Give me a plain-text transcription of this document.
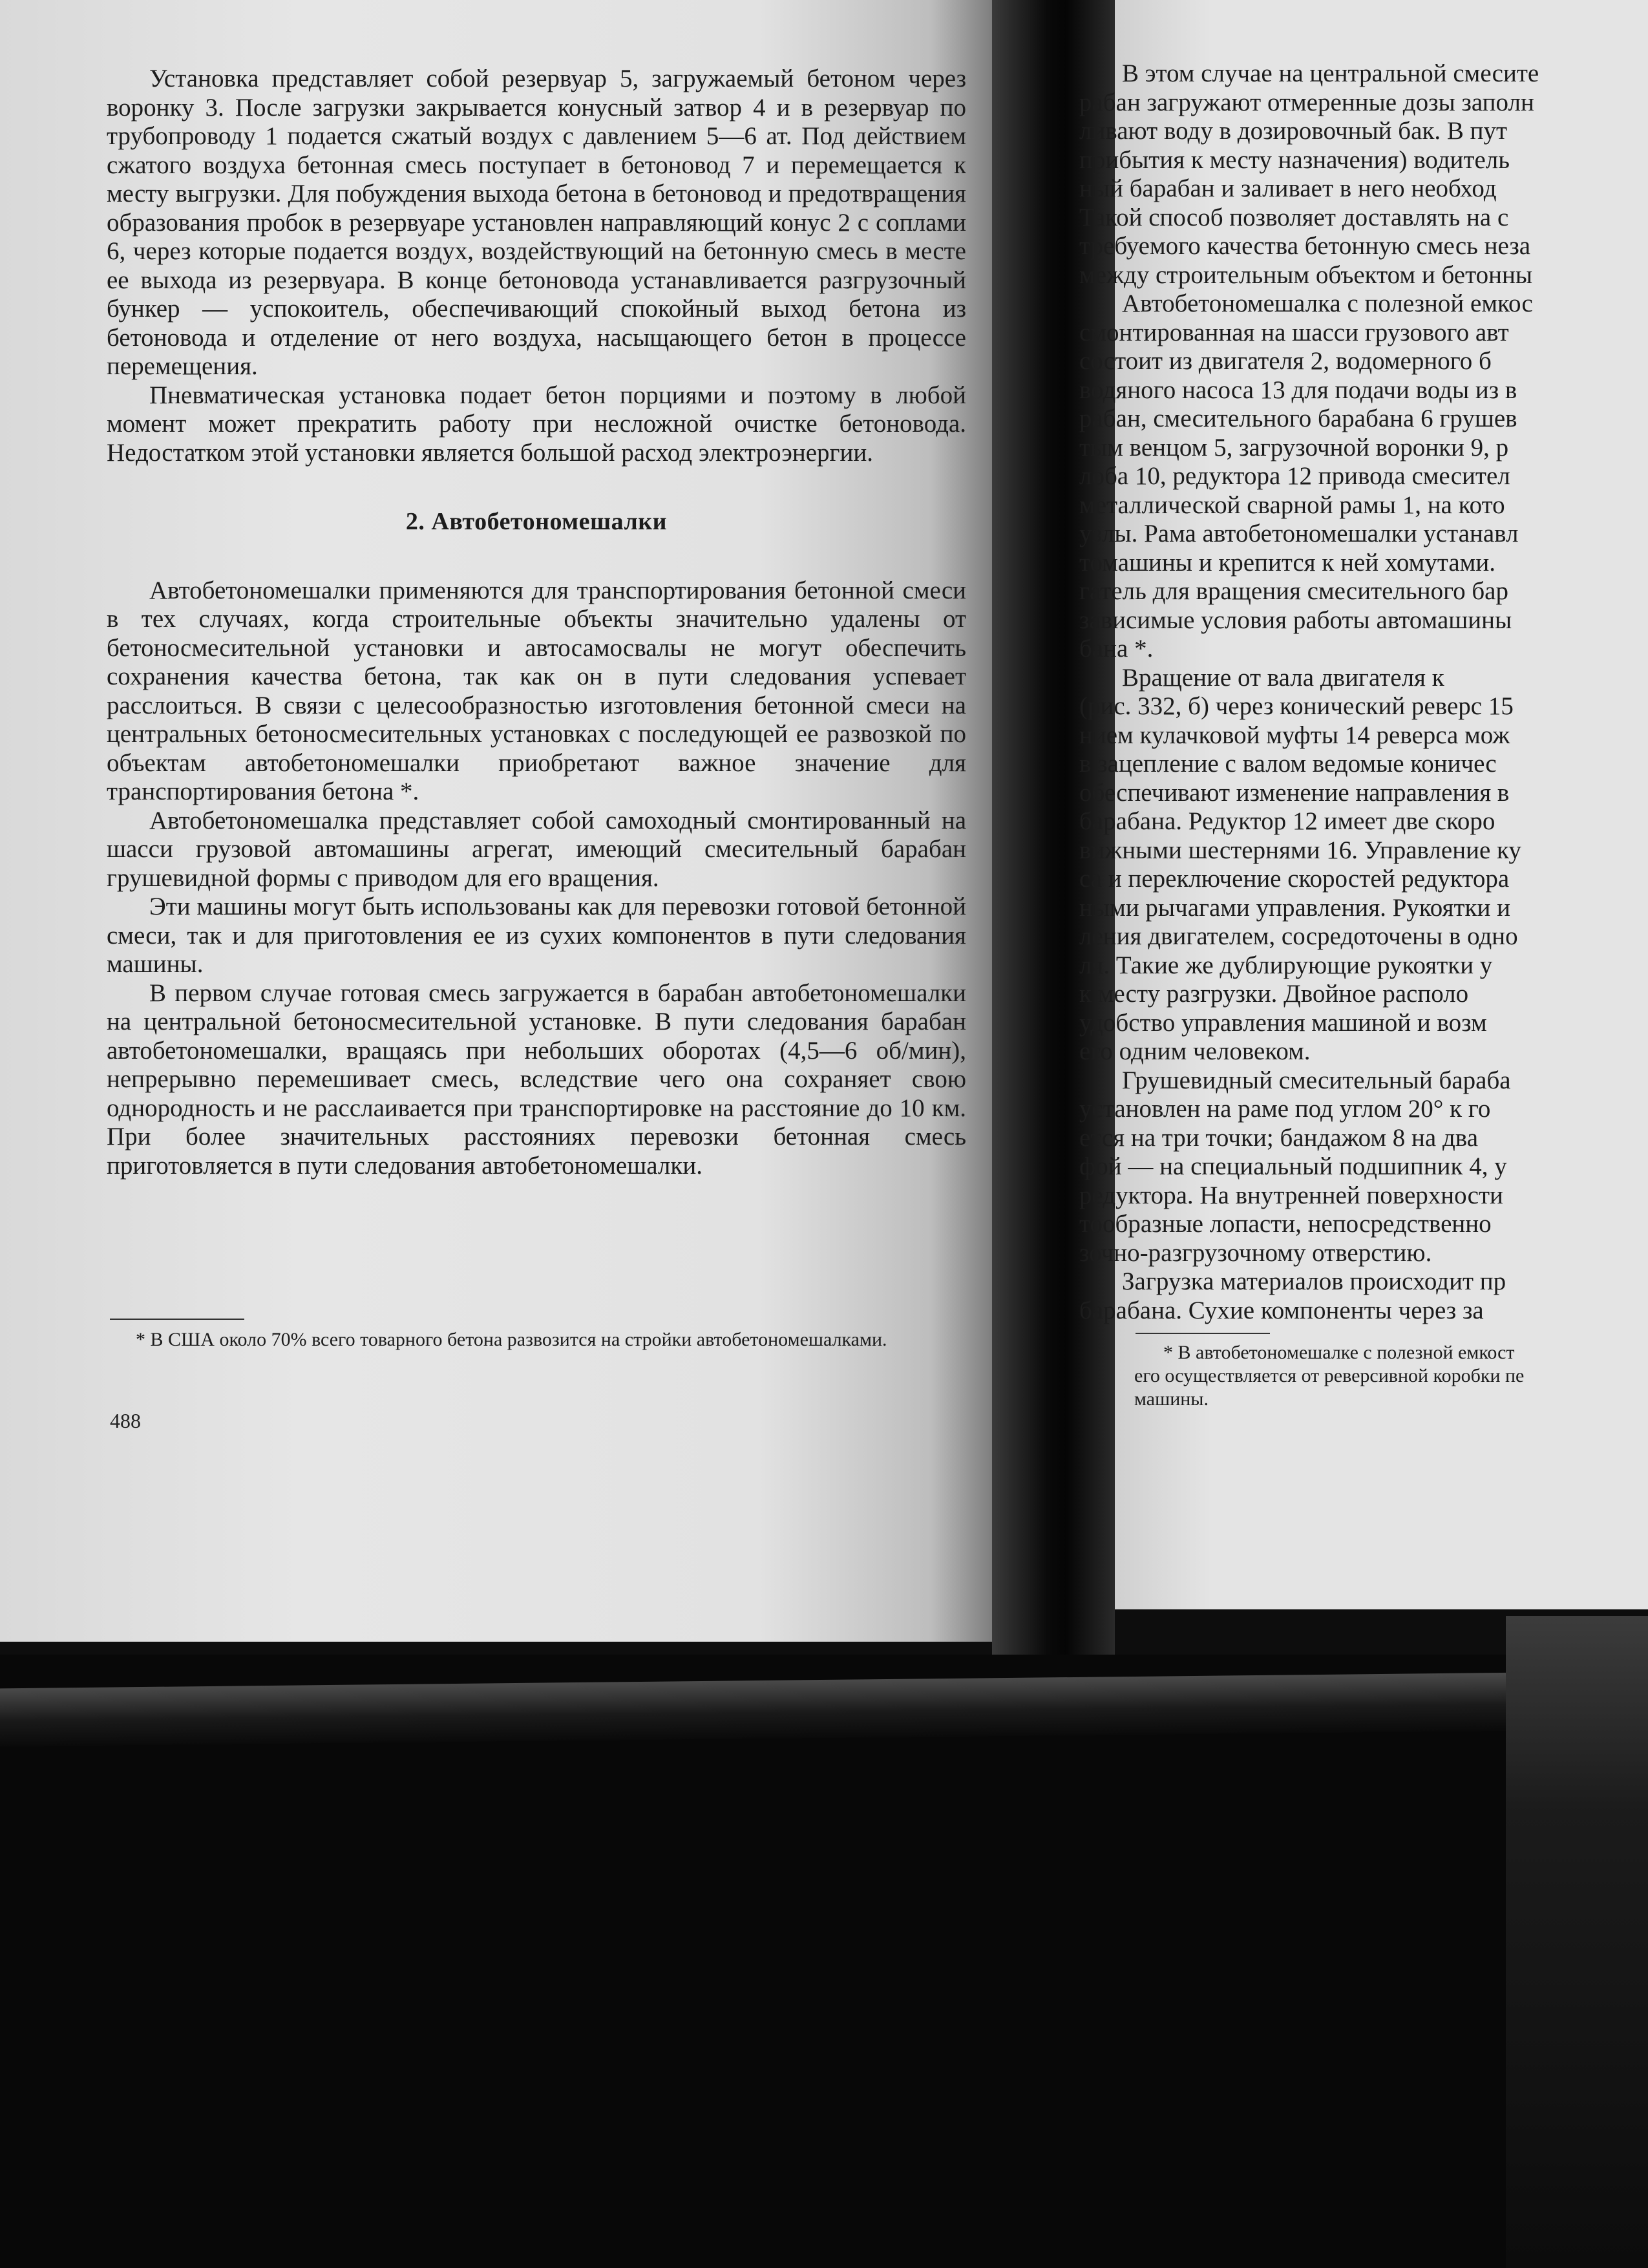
Установка представляет собой резервуар 5, загружаемый бетоном через воронку 3. После загрузки закрывается конусный затвор 4 и в резервуар по трубопроводу 1 подается сжатый воздух с давлением 5—6 ат. Под действием сжатого воздуха бетонная смесь поступает в бетоновод 7 и перемещается к месту выгрузки. Для побуждения выхода бетона в бетоновод и предотвращения образования пробок в резервуаре установлен направляющий конус 2 с соплами 6, через которые подается воздух, воздействующий на бетонную смесь в месте ее выхода из резервуара. В конце бетоновода устанавливается разгрузочный бункер — успокоитель, обеспечивающий спокойный выход бетона из бетоновода и отделение от него воздуха, насыщающего бетон в процессе перемещения.

Пневматическая установка подает бетон порциями и поэтому в любой момент может прекратить работу при несложной очистке бетоновода. Недостатком этой установки является большой расход электроэнергии.

2. Автобетономешалки

Автобетономешалки применяются для транспортирования бетонной смеси в тех случаях, когда строительные объекты значительно удалены от бетоносмесительной установки и автосамосвалы не могут обеспечить сохранения качества бетона, так как он в пути следования успевает расслоиться. В связи с целесообразностью изготовления бетонной смеси на центральных бетоносмесительных установках с последующей ее развозкой по объектам автобетономешалки приобретают важное значение для транспортирования бетона *.

Автобетономешалка представляет собой самоходный смонтированный на шасси грузовой автомашины агрегат, имеющий смесительный барабан грушевидной формы с приводом для его вращения.

Эти машины могут быть использованы как для перевозки готовой бетонной смеси, так и для приготовления ее из сухих компонентов в пути следования машины.

В первом случае готовая смесь загружается в барабан автобетономешалки на центральной бетоносмесительной установке. В пути следования барабан автобетономешалки, вращаясь при небольших оборотах (4,5—6 об/мин), непрерывно перемешивает смесь, вследствие чего она сохраняет свою однородность и не расслаивается при транспортировке на расстояние до 10 км. При более значительных расстояниях перевозки бетонная смесь приготовляется в пути следования автобетономешалки.

* В США около 70% всего товарного бетона развозится на стройки автобетономешалками.

488
В этом случае на центральной смесите
рабан загружают отмеренные дозы заполн
ливают воду в дозировочный бак. В пут
прибытия к месту назначения) водитель
ный барабан и заливает в него необход
Такой способ позволяет доставлять на с
требуемого качества бетонную смесь неза
между строительным объектом и бетонны
Автобетономешалка с полезной емкос
смонтированная на шасси грузового авт
состоит из двигателя 2, водомерного б
водяного насоса 13 для подачи воды из в
рабан, смесительного барабана 6 грушев
тым венцом 5, загрузочной воронки 9, р
лоба 10, редуктора 12 привода смесител
металлической сварной рамы 1, на кото
узлы. Рама автобетономешалки устанавл
томашины и крепится к ней хомутами.
гатель для вращения смесительного бар
зависимые условия работы автомашины
бана *.
Вращение от вала двигателя к
(рис. 332, б) через конический реверс 15
нием кулачковой муфты 14 реверса мож
в зацепление с валом ведомые коничес
обеспечивают изменение направления в
барабана. Редуктор 12 имеет две скоро
вижными шестернями 16. Управление ку
са и переключение скоростей редуктора
ными рычагами управления. Рукоятки и
ления двигателем, сосредоточены в одно
ля. Такие же дублирующие рукоятки у
к месту разгрузки. Двойное располо
удобство управления машиной и возм
его одним человеком.
Грушевидный смесительный бараба
установлен на раме под углом 20° к го
ется на три точки; бандажом 8 на два
фой — на специальный подшипник 4, у
редуктора. На внутренней поверхности
тообразные лопасти, непосредственно
зочно-разгрузочному отверстию.
Загрузка материалов происходит пр
барабана. Сухие компоненты через за

* В автобетономешалке с полезной емкост

его осуществляется от реверсивной коробки пе

машины.
